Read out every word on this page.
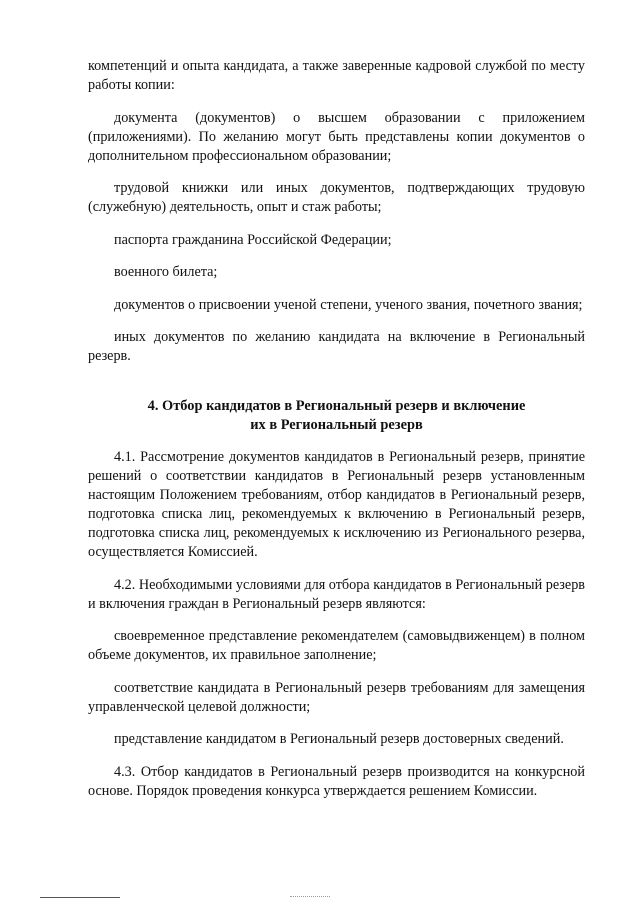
компетенций и опыта кандидата, а также заверенные кадровой службой по месту работы копии:

документа (документов) о высшем образовании с приложением (приложениями). По желанию могут быть представлены копии документов о дополнительном профессиональном образовании;

трудовой книжки или иных документов, подтверждающих трудовую (служебную) деятельность, опыт и стаж работы;

паспорта гражданина Российской Федерации;

военного билета;

документов о присвоении ученой степени, ученого звания, почетного звания;

иных документов по желанию кандидата на включение в Региональный резерв.

4. Отбор кандидатов в Региональный резерв и включение
их в Региональный резерв

4.1. Рассмотрение документов кандидатов в Региональный резерв, принятие решений о соответствии кандидатов в Региональный резерв установленным настоящим Положением требованиям, отбор кандидатов в Региональный резерв, подготовка списка лиц, рекомендуемых к включению в Региональный резерв, подготовка списка лиц, рекомендуемых к исключению из Регионального резерва, осуществляется Комиссией.

4.2. Необходимыми условиями для отбора кандидатов в Региональный резерв и включения граждан в Региональный резерв являются:

своевременное представление рекомендателем (самовыдвиженцем) в полном объеме документов, их правильное заполнение;

соответствие кандидата в Региональный резерв требованиям для замещения управленческой целевой должности;

представление кандидатом в Региональный резерв достоверных сведений.

4.3. Отбор кандидатов в Региональный резерв производится на конкурсной основе. Порядок проведения конкурса утверждается решением Комиссии.
